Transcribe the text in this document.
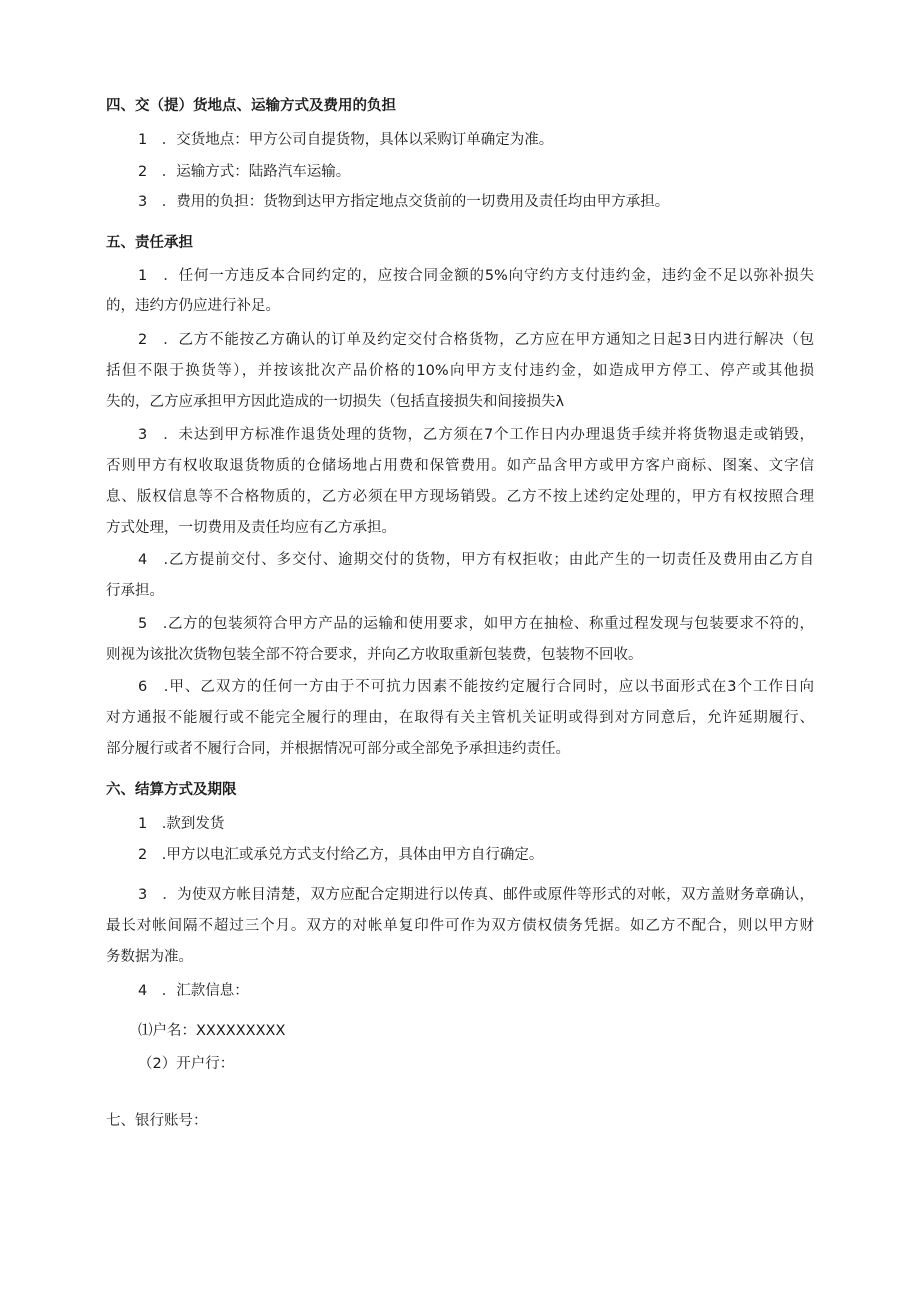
四、交（提）货地点、运输方式及费用的负担
1　．交货地点：甲方公司自提货物，具体以采购订单确定为准。
2　．运输方式：陆路汽车运输。
3　．费用的负担：货物到达甲方指定地点交货前的一切费用及责任均由甲方承担。
五、责任承担
1　．任何一方违反本合同约定的，应按合同金额的5%向守约方支付违约金，违约金不足以弥补损失
的，违约方仍应进行补足。
2　．乙方不能按乙方确认的订单及约定交付合格货物，乙方应在甲方通知之日起3日内进行解决（包
括但不限于换货等），并按该批次产品价格的10%向甲方支付违约金，如造成甲方停工、停产或其他损
失的，乙方应承担甲方因此造成的一切损失（包括直接损失和间接损失λ
3　．未达到甲方标准作退货处理的货物，乙方须在7个工作日内办理退货手续并将货物退走或销毁，
否则甲方有权收取退货物质的仓储场地占用费和保管费用。如产品含甲方或甲方客户商标、图案、文字信
息、版权信息等不合格物质的，乙方必须在甲方现场销毁。乙方不按上述约定处理的，甲方有权按照合理
方式处理，一切费用及责任均应有乙方承担。
4　.乙方提前交付、多交付、逾期交付的货物，甲方有权拒收；由此产生的一切责任及费用由乙方自
行承担。
5　.乙方的包装须符合甲方产品的运输和使用要求，如甲方在抽检、称重过程发现与包装要求不符的，
则视为该批次货物包装全部不符合要求，并向乙方收取重新包装费，包装物不回收。
6　.甲、乙双方的任何一方由于不可抗力因素不能按约定履行合同时，应以书面形式在3个工作日向
对方通报不能履行或不能完全履行的理由，在取得有关主管机关证明或得到对方同意后，允许延期履行、
部分履行或者不履行合同，并根据情况可部分或全部免予承担违约责任。
六、结算方式及期限
1　.款到发货
2　.甲方以电汇或承兑方式支付给乙方，具体由甲方自行确定。
3　．为使双方帐目清楚，双方应配合定期进行以传真、邮件或原件等形式的对帐，双方盖财务章确认，
最长对帐间隔不超过三个月。双方的对帐单复印件可作为双方债权债务凭据。如乙方不配合，则以甲方财
务数据为准。
4　．汇款信息：
⑴户名：XXXXXXXXX
（2）开户行：
七、银行账号：
